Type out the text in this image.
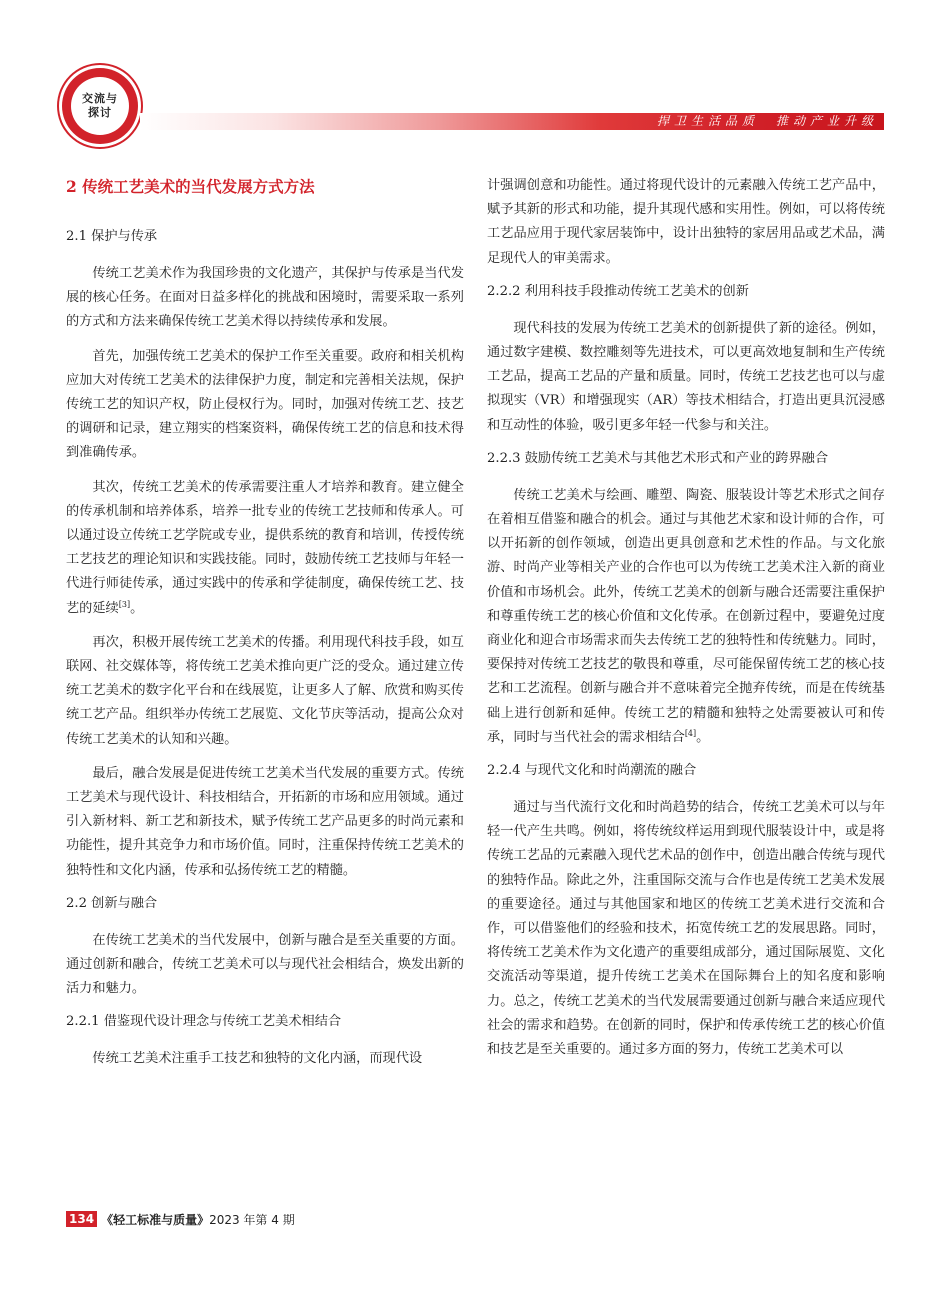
交流与
探讨
捍卫生活品质　推动产业升级
2 传统工艺美术的当代发展方式方法
2.1 保护与传承

传统工艺美术作为我国珍贵的文化遗产，其保护与传承是当代发展的核心任务。在面对日益多样化的挑战和困境时，需要采取一系列的方式和方法来确保传统工艺美术得以持续传承和发展。

首先，加强传统工艺美术的保护工作至关重要。政府和相关机构应加大对传统工艺美术的法律保护力度，制定和完善相关法规，保护传统工艺的知识产权，防止侵权行为。同时，加强对传统工艺、技艺的调研和记录，建立翔实的档案资料，确保传统工艺的信息和技术得到准确传承。

其次，传统工艺美术的传承需要注重人才培养和教育。建立健全的传承机制和培养体系，培养一批专业的传统工艺技师和传承人。可以通过设立传统工艺学院或专业，提供系统的教育和培训，传授传统工艺技艺的理论知识和实践技能。同时，鼓励传统工艺技师与年轻一代进行师徒传承，通过实践中的传承和学徒制度，确保传统工艺、技艺的延续[3]。

再次，积极开展传统工艺美术的传播。利用现代科技手段，如互联网、社交媒体等，将传统工艺美术推向更广泛的受众。通过建立传统工艺美术的数字化平台和在线展览，让更多人了解、欣赏和购买传统工艺产品。组织举办传统工艺展览、文化节庆等活动，提高公众对传统工艺美术的认知和兴趣。

最后，融合发展是促进传统工艺美术当代发展的重要方式。传统工艺美术与现代设计、科技相结合，开拓新的市场和应用领域。通过引入新材料、新工艺和新技术，赋予传统工艺产品更多的时尚元素和功能性，提升其竞争力和市场价值。同时，注重保持传统工艺美术的独特性和文化内涵，传承和弘扬传统工艺的精髓。

2.2 创新与融合

在传统工艺美术的当代发展中，创新与融合是至关重要的方面。通过创新和融合，传统工艺美术可以与现代社会相结合，焕发出新的活力和魅力。

2.2.1 借鉴现代设计理念与传统工艺美术相结合

传统工艺美术注重手工技艺和独特的文化内涵，而现代设

计强调创意和功能性。通过将现代设计的元素融入传统工艺产品中，赋予其新的形式和功能，提升其现代感和实用性。例如，可以将传统工艺品应用于现代家居装饰中，设计出独特的家居用品或艺术品，满足现代人的审美需求。

2.2.2 利用科技手段推动传统工艺美术的创新

现代科技的发展为传统工艺美术的创新提供了新的途径。例如，通过数字建模、数控雕刻等先进技术，可以更高效地复制和生产传统工艺品，提高工艺品的产量和质量。同时，传统工艺技艺也可以与虚拟现实（VR）和增强现实（AR）等技术相结合，打造出更具沉浸感和互动性的体验，吸引更多年轻一代参与和关注。

2.2.3 鼓励传统工艺美术与其他艺术形式和产业的跨界融合

传统工艺美术与绘画、雕塑、陶瓷、服装设计等艺术形式之间存在着相互借鉴和融合的机会。通过与其他艺术家和设计师的合作，可以开拓新的创作领域，创造出更具创意和艺术性的作品。与文化旅游、时尚产业等相关产业的合作也可以为传统工艺美术注入新的商业价值和市场机会。此外，传统工艺美术的创新与融合还需要注重保护和尊重传统工艺的核心价值和文化传承。在创新过程中，要避免过度商业化和迎合市场需求而失去传统工艺的独特性和传统魅力。同时，要保持对传统工艺技艺的敬畏和尊重，尽可能保留传统工艺的核心技艺和工艺流程。创新与融合并不意味着完全抛弃传统，而是在传统基础上进行创新和延伸。传统工艺的精髓和独特之处需要被认可和传承，同时与当代社会的需求相结合[4]。

2.2.4 与现代文化和时尚潮流的融合

通过与当代流行文化和时尚趋势的结合，传统工艺美术可以与年轻一代产生共鸣。例如，将传统纹样运用到现代服装设计中，或是将传统工艺品的元素融入现代艺术品的创作中，创造出融合传统与现代的独特作品。除此之外，注重国际交流与合作也是传统工艺美术发展的重要途径。通过与其他国家和地区的传统工艺美术进行交流和合作，可以借鉴他们的经验和技术，拓宽传统工艺的发展思路。同时，将传统工艺美术作为文化遗产的重要组成部分，通过国际展览、文化交流活动等渠道，提升传统工艺美术在国际舞台上的知名度和影响力。总之，传统工艺美术的当代发展需要通过创新与融合来适应现代社会的需求和趋势。在创新的同时，保护和传承传统工艺的核心价值和技艺是至关重要的。通过多方面的努力，传统工艺美术可以

134 《轻工标准与质量》 2023 年第 4 期
